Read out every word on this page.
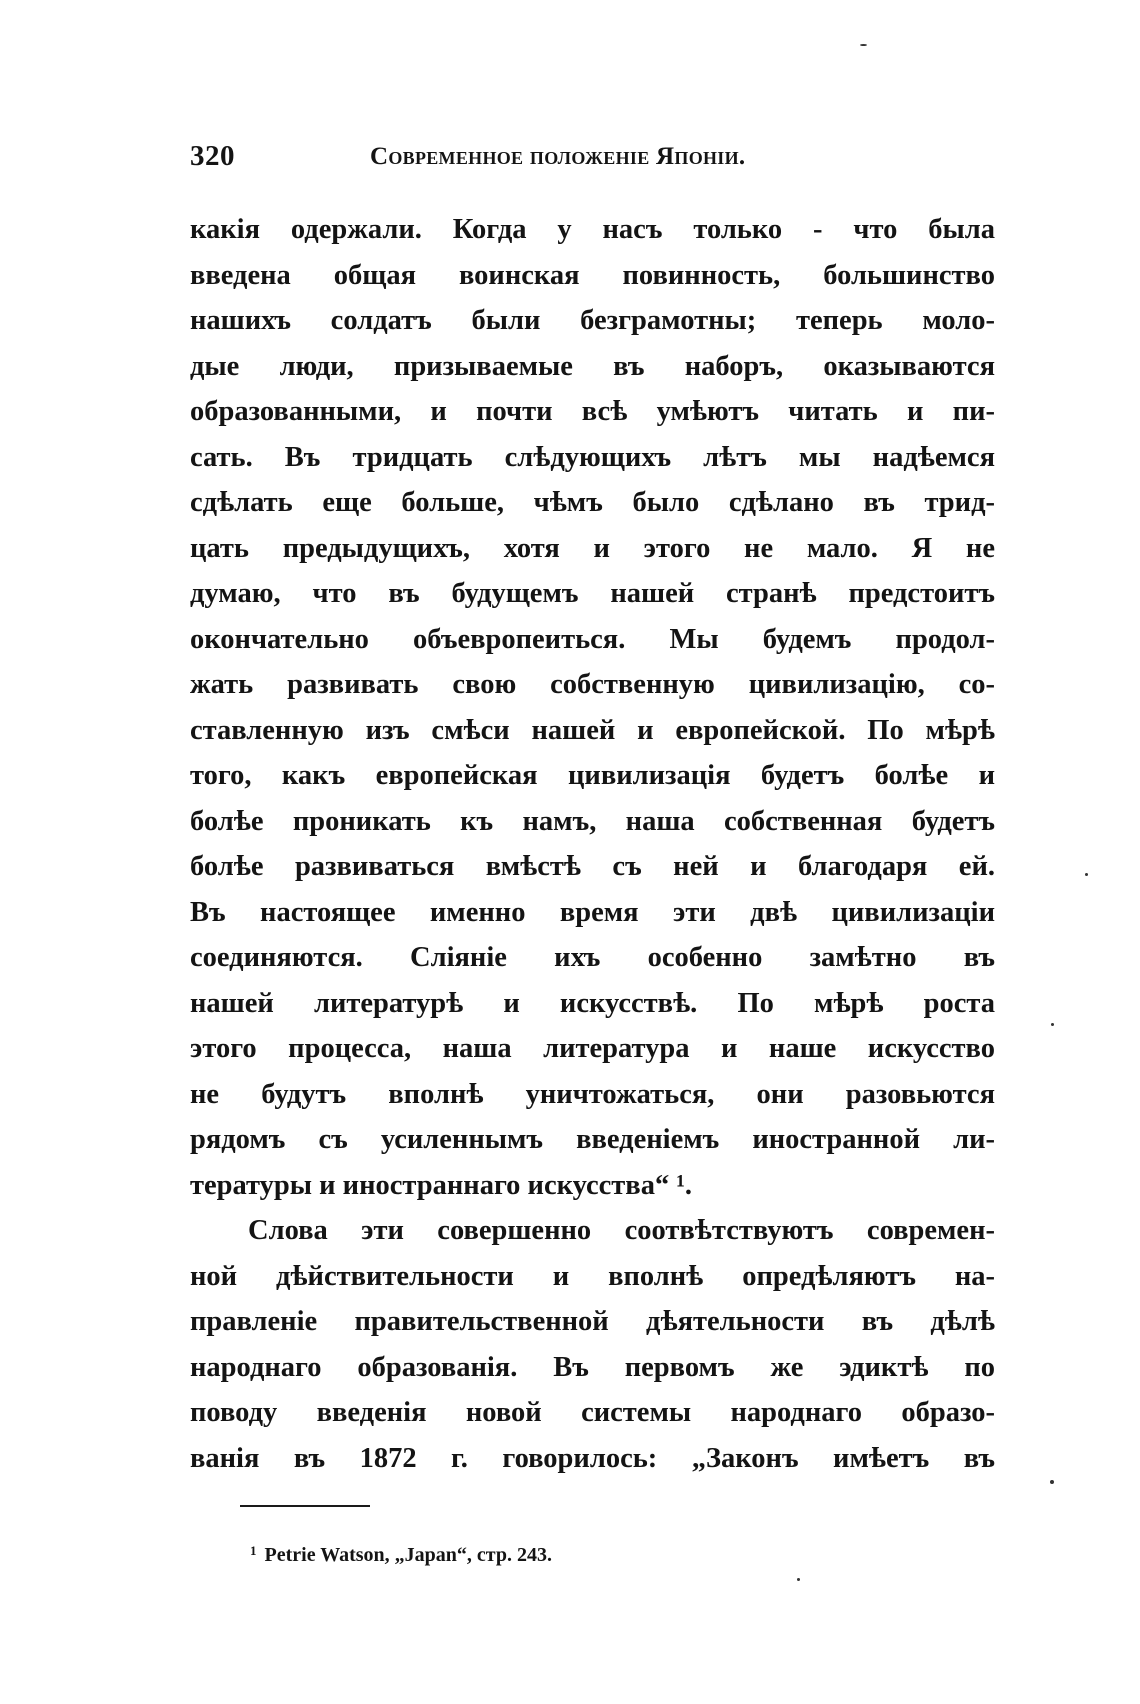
320	Современное положеніе Японіи.
какія одержали. Когда у насъ только - что была
введена общая воинская повинность, большинство
нашихъ солдатъ были безграмотны; теперь моло-
дые люди, призываемые въ наборъ, оказываются
образованными, и почти всѣ умѣютъ читать и пи-
сать. Въ тридцать слѣдующихъ лѣтъ мы надѣемся
сдѣлать еще больше, чѣмъ было сдѣлано въ трид-
цать предыдущихъ, хотя и этого не мало. Я не
думаю, что въ будущемъ нашей странѣ предстоитъ
окончательно объевропеиться. Мы будемъ продол-
жать развивать свою собственную цивилизацію, со-
ставленную изъ смѣси нашей и европейской. По мѣрѣ
того, какъ европейская цивилизація будетъ болѣе и
болѣе проникать къ намъ, наша собственная будетъ
болѣе развиваться вмѣстѣ съ ней и благодаря ей.
Въ настоящее именно время эти двѣ цивилизаціи
соединяются. Сліяніе ихъ особенно замѣтно въ
нашей литературѣ и искусствѣ. По мѣрѣ роста
этого процесса, наша литература и наше искусство
не будутъ вполнѣ уничтожаться, они разовьются
рядомъ съ усиленнымъ введеніемъ иностранной ли-
тературы и иностраннаго искусства“ ¹.
Слова эти совершенно соотвѣтствуютъ современ-
ной дѣйствительности и вполнѣ опредѣляютъ на-
правленіе правительственной дѣятельности въ дѣлѣ
народнаго образованія. Въ первомъ же эдиктѣ по
поводу введенія новой системы народнаго образо-
ванія въ 1872 г. говорилось: „Законъ имѣетъ въ
$^1$ Petrie Watson, „Japan“, стр. 243.
